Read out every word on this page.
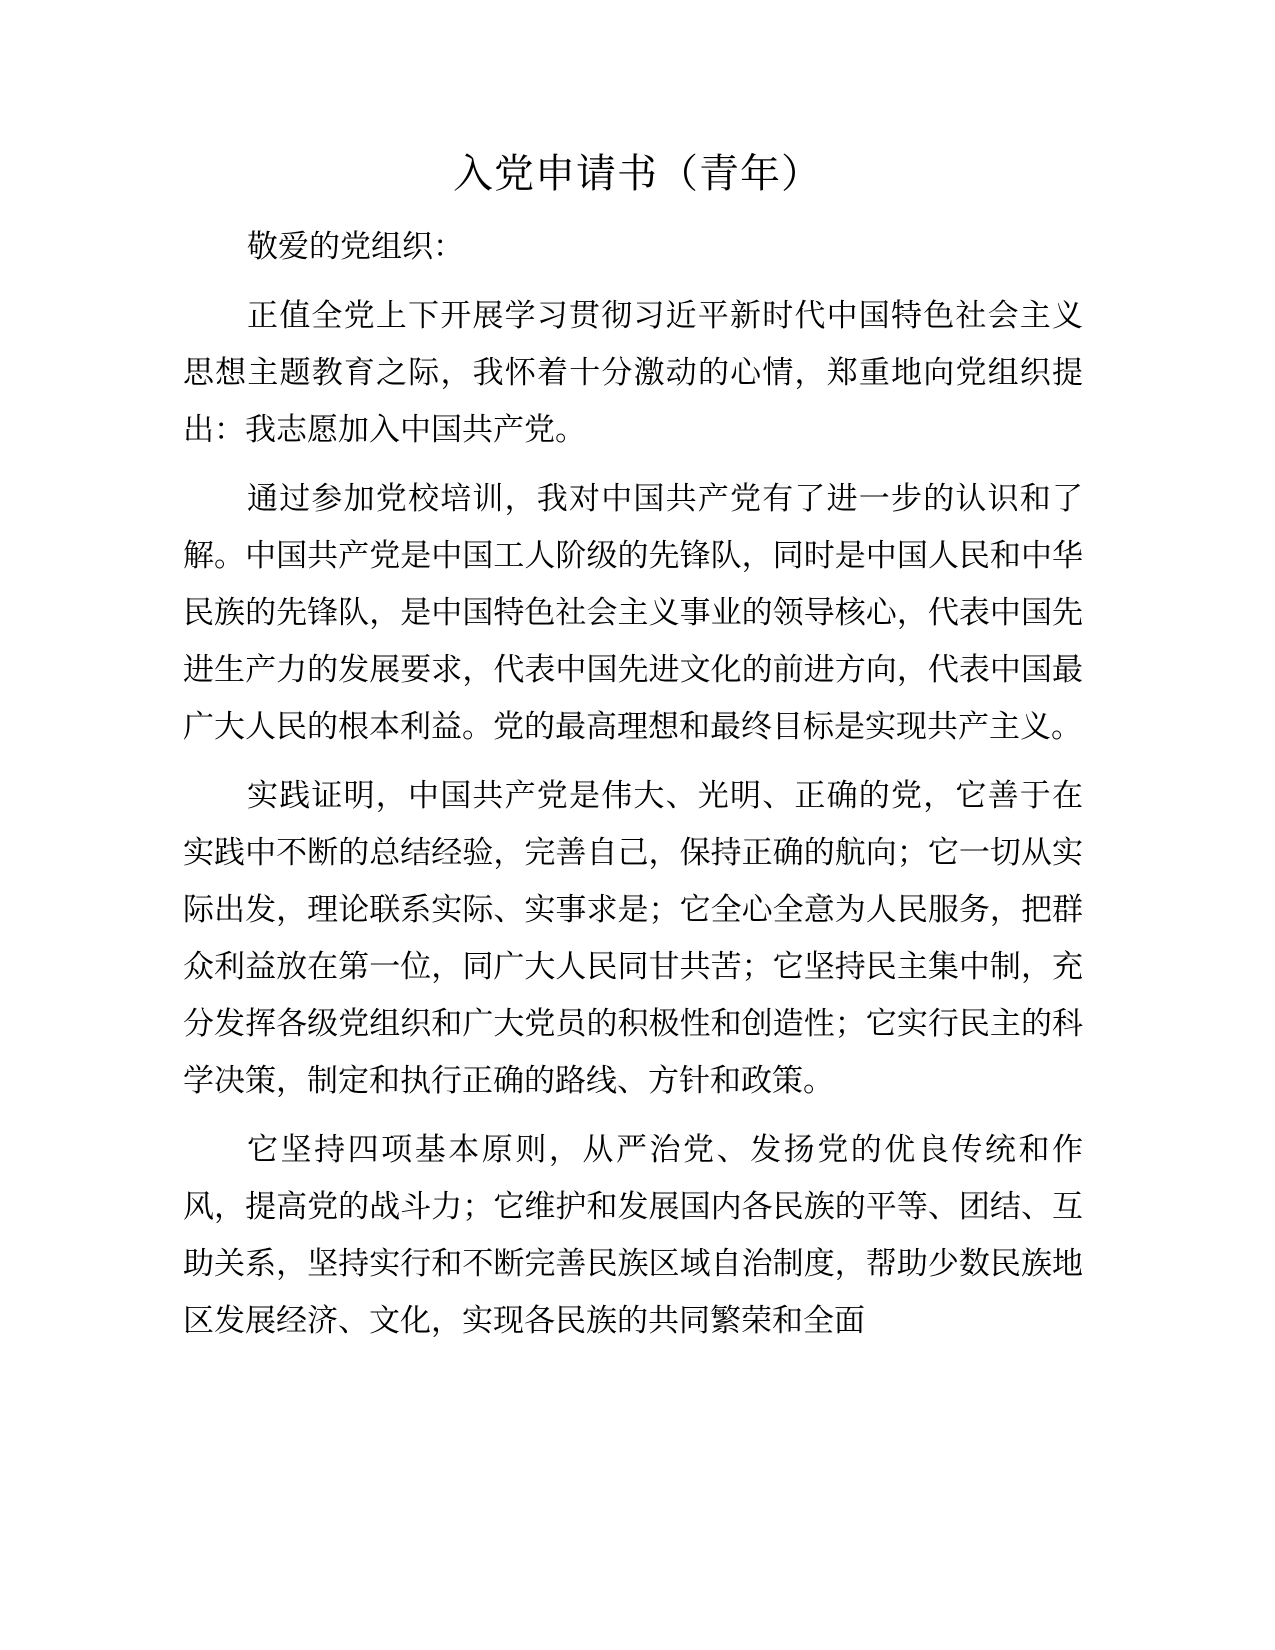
入党申请书（青年）

敬爱的党组织：

正值全党上下开展学习贯彻习近平新时代中国特色社会主义思想主题教育之际，我怀着十分激动的心情，郑重地向党组织提出：我志愿加入中国共产党。

通过参加党校培训，我对中国共产党有了进一步的认识和了解。中国共产党是中国工人阶级的先锋队，同时是中国人民和中华民族的先锋队，是中国特色社会主义事业的领导核心，代表中国先进生产力的发展要求，代表中国先进文化的前进方向，代表中国最广大人民的根本利益。党的最高理想和最终目标是实现共产主义。

实践证明，中国共产党是伟大、光明、正确的党，它善于在实践中不断的总结经验，完善自己，保持正确的航向；它一切从实际出发，理论联系实际、实事求是；它全心全意为人民服务，把群众利益放在第一位，同广大人民同甘共苦；它坚持民主集中制，充分发挥各级党组织和广大党员的积极性和创造性；它实行民主的科学决策，制定和执行正确的路线、方针和政策。

它坚持四项基本原则，从严治党、发扬党的优良传统和作风，提高党的战斗力；它维护和发展国内各民族的平等、团结、互助关系，坚持实行和不断完善民族区域自治制度，帮助少数民族地区发展经济、文化，实现各民族的共同繁荣和全面
